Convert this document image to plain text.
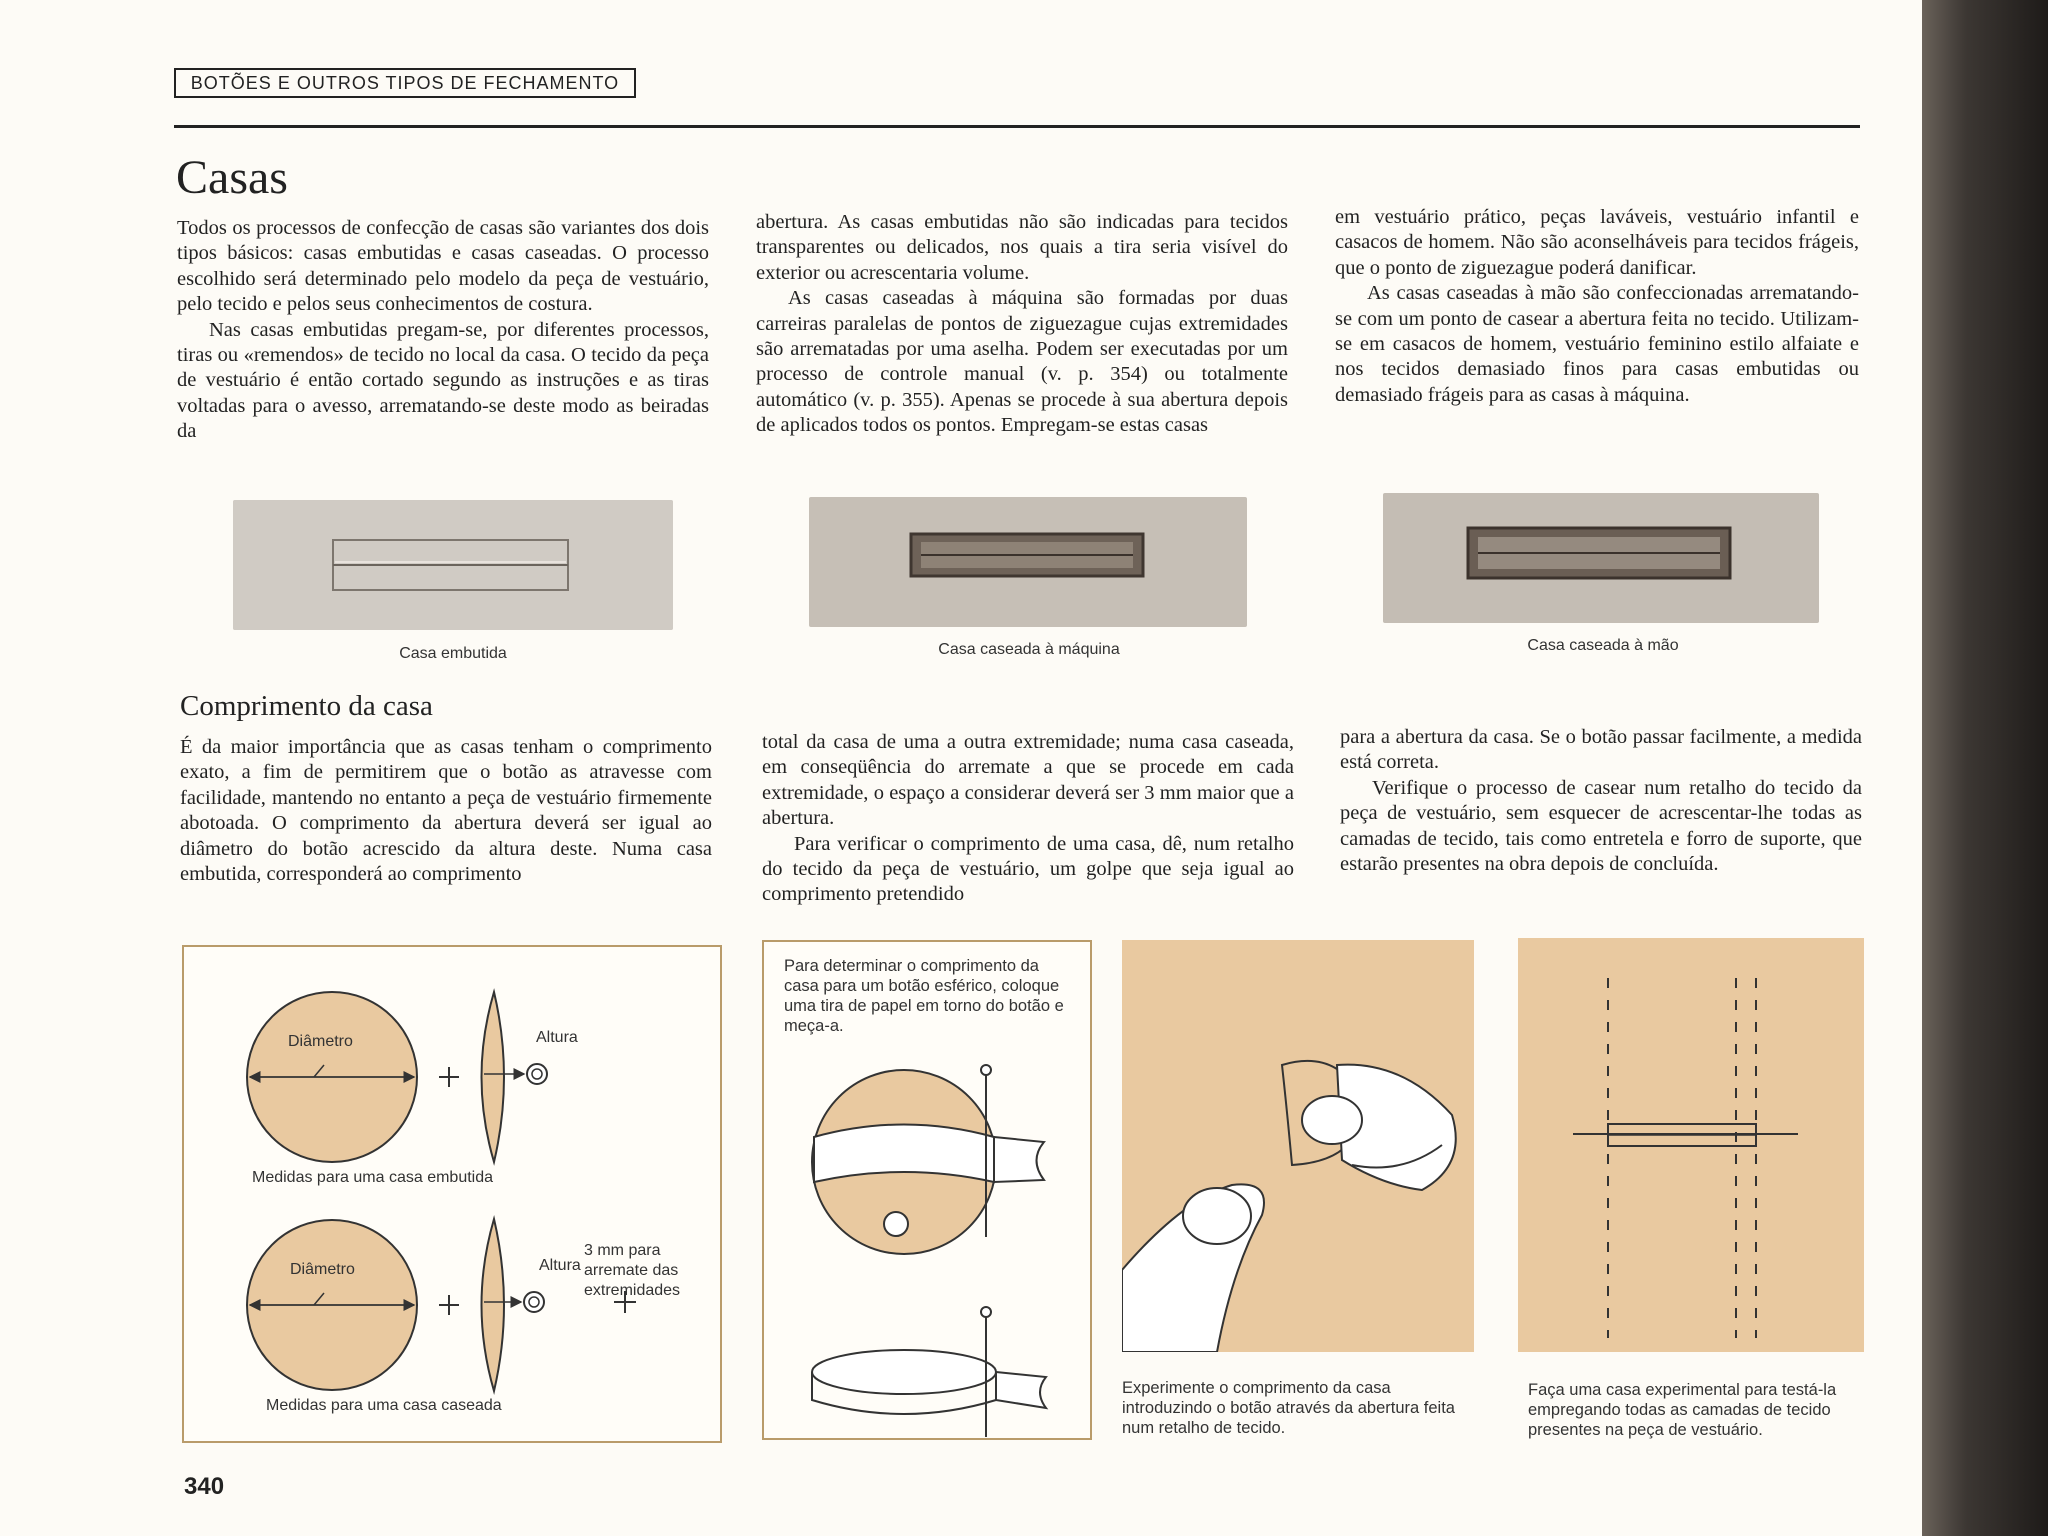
BOTÕES E OUTROS TIPOS DE FECHAMENTO
Casas

Todos os processos de confecção de casas são variantes dos dois tipos básicos: casas embutidas e casas caseadas. O processo escolhido será determinado pelo modelo da peça de vestuário, pelo tecido e pelos seus conhecimentos de costura.

Nas casas embutidas pregam-se, por diferentes processos, tiras ou «remendos» de tecido no local da casa. O tecido da peça de vestuário é então cortado segundo as instruções e as tiras voltadas para o avesso, arrematando-se deste modo as beiradas da

abertura. As casas embutidas não são indicadas para tecidos transparentes ou delicados, nos quais a tira seria visível do exterior ou acrescentaria volume.

As casas caseadas à máquina são formadas por duas carreiras paralelas de pontos de ziguezague cujas extremidades são arrematadas por uma aselha. Podem ser executadas por um processo de controle manual (v. p. 354) ou totalmente automático (v. p. 355). Apenas se procede à sua abertura depois de aplicados todos os pontos. Empregam-se estas casas

em vestuário prático, peças laváveis, vestuário infantil e casacos de homem. Não são aconselháveis para tecidos frágeis, que o ponto de ziguezague poderá danificar.

As casas caseadas à mão são confeccionadas arrematando-se com um ponto de casear a abertura feita no tecido. Utilizam-se em casacos de homem, vestuário feminino estilo alfaiate e nos tecidos demasiado finos para casas embutidas ou demasiado frágeis para as casas à máquina.

Casa embutida	Casa caseada à máquina	Casa caseada à mão
Comprimento da casa

É da maior importância que as casas tenham o comprimento exato, a fim de permitirem que o botão as atravesse com facilidade, mantendo no entanto a peça de vestuário firmemente abotoada. O comprimento da abertura deverá ser igual ao diâmetro do botão acrescido da altura deste. Numa casa embutida, corresponderá ao comprimento

total da casa de uma a outra extremidade; numa casa caseada, em conseqüência do arremate a que se procede em cada extremidade, o espaço a considerar deverá ser 3 mm maior que a abertura.

Para verificar o comprimento de uma casa, dê, num retalho do tecido da peça de vestuário, um golpe que seja igual ao comprimento pretendido

para a abertura da casa. Se o botão passar facilmente, a medida está correta.

Verifique o processo de casear num retalho do tecido da peça de vestuário, sem esquecer de acrescentar-lhe todas as camadas de tecido, tais como entretela e forro de suporte, que estarão presentes na obra depois de concluída.

Diâmetro	Altura
Medidas para uma casa embutida
Diâmetro	Altura
3 mm para arremate das extremidades
Medidas para uma casa caseada
Para determinar o comprimento da casa para um botão esférico, coloque uma tira de papel em torno do botão e meça-a.
Experimente o comprimento da casa introduzindo o botão através da abertura feita num retalho de tecido.
Faça uma casa experimental para testá-la empregando todas as camadas de tecido presentes na peça de vestuário.
340
